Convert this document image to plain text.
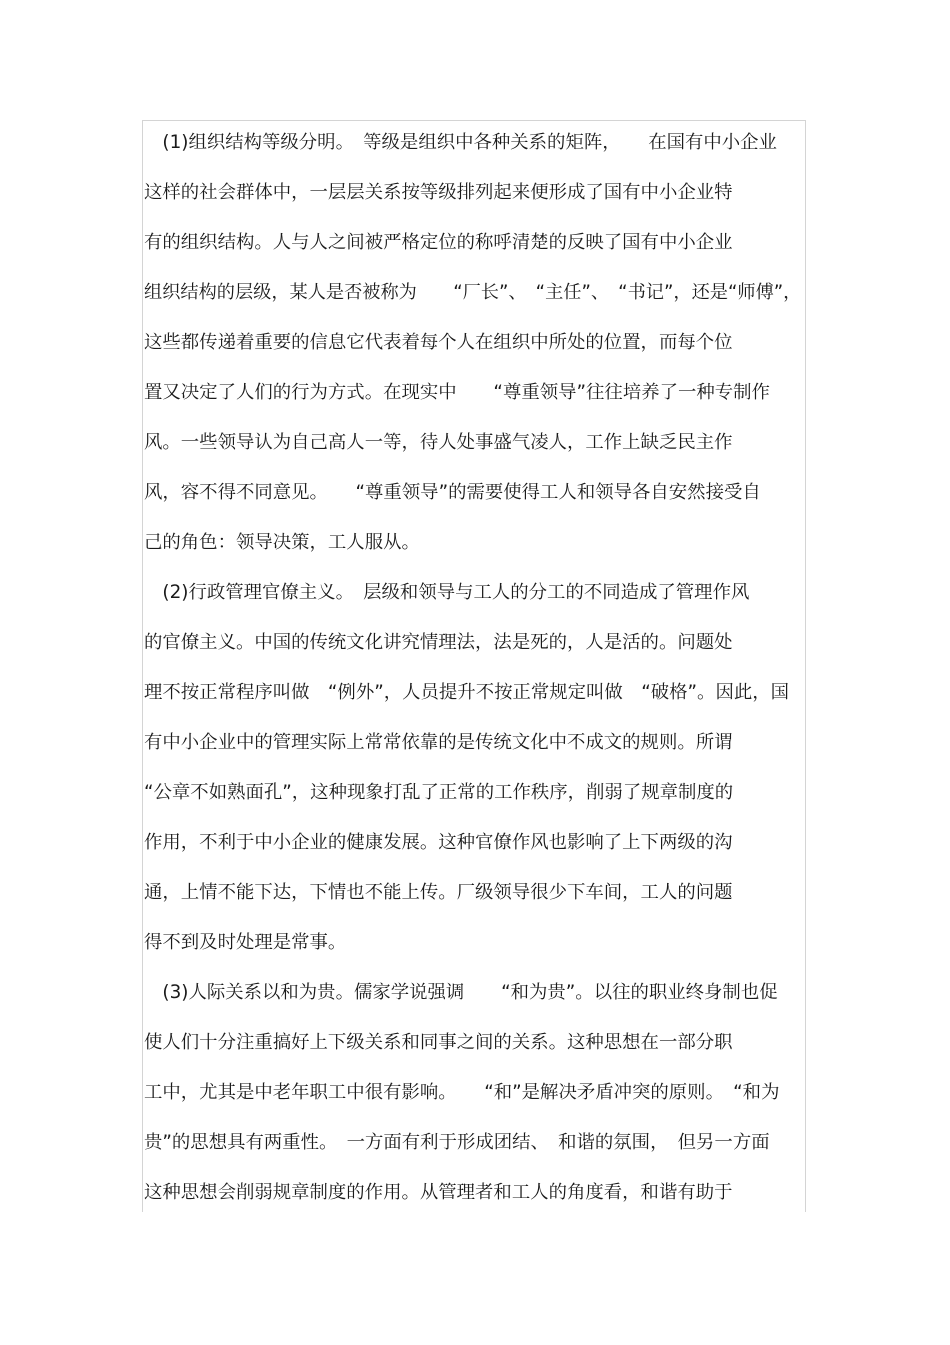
　(1)组织结构等级分明。　等级是组织中各种关系的矩阵，　　在国有中小企业
这样的社会群体中，一层层关系按等级排列起来便形成了国有中小企业特
有的组织结构。人与人之间被严格定位的称呼清楚的反映了国有中小企业
组织结构的层级，某人是否被称为　　“厂长”、　“主任”、　“书记”，还是“师傅”，
这些都传递着重要的信息它代表着每个人在组织中所处的位置，而每个位
置又决定了人们的行为方式。在现实中　　“尊重领导”往往培养了一种专制作
风。一些领导认为自己高人一等，待人处事盛气凌人，工作上缺乏民主作
风，容不得不同意见。　　“尊重领导”的需要使得工人和领导各自安然接受自
己的角色：领导决策，工人服从。
　(2)行政管理官僚主义。　层级和领导与工人的分工的不同造成了管理作风
的官僚主义。中国的传统文化讲究情理法，法是死的，人是活的。问题处
理不按正常程序叫做　“例外”，人员提升不按正常规定叫做　“破格”。因此，国
有中小企业中的管理实际上常常依靠的是传统文化中不成文的规则。所谓
“公章不如熟面孔”，这种现象打乱了正常的工作秩序，削弱了规章制度的
作用，不利于中小企业的健康发展。这种官僚作风也影响了上下两级的沟
通，上情不能下达，下情也不能上传。厂级领导很少下车间，工人的问题
得不到及时处理是常事。
　(3)人际关系以和为贵。儒家学说强调　　“和为贵”。以往的职业终身制也促
使人们十分注重搞好上下级关系和同事之间的关系。这种思想在一部分职
工中，尤其是中老年职工中很有影响。　　“和”是解决矛盾冲突的原则。　“和为
贵”的思想具有两重性。　一方面有利于形成团结、　和谐的氛围，　但另一方面
这种思想会削弱规章制度的作用。从管理者和工人的角度看，和谐有助于
